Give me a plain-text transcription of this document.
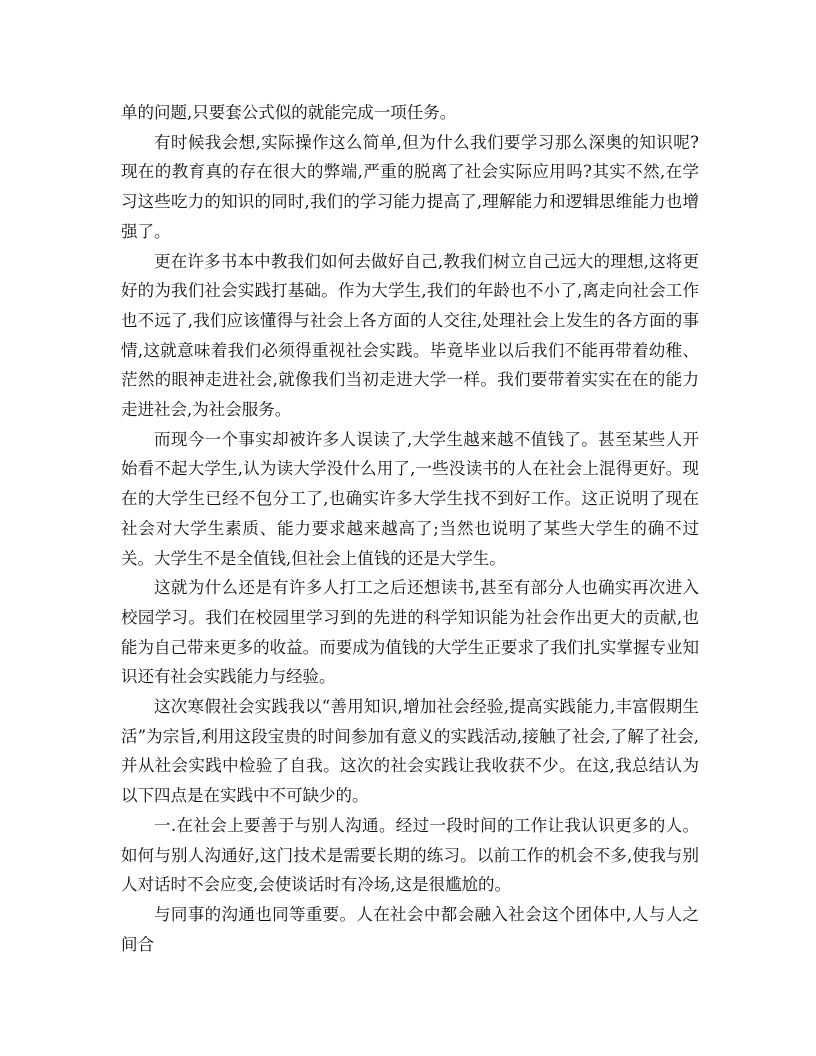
单的问题,只要套公式似的就能完成一项任务。

有时候我会想,实际操作这么简单,但为什么我们要学习那么深奥的知识呢?现在的教育真的存在很大的弊端,严重的脱离了社会实际应用吗?其实不然,在学习这些吃力的知识的同时,我们的学习能力提高了,理解能力和逻辑思维能力也增强了。

更在许多书本中教我们如何去做好自己,教我们树立自己远大的理想,这将更好的为我们社会实践打基础。作为大学生,我们的年龄也不小了,离走向社会工作也不远了,我们应该懂得与社会上各方面的人交往,处理社会上发生的各方面的事情,这就意味着我们必须得重视社会实践。毕竟毕业以后我们不能再带着幼稚、茫然的眼神走进社会,就像我们当初走进大学一样。我们要带着实实在在的能力走进社会,为社会服务。

而现今一个事实却被许多人误读了,大学生越来越不值钱了。甚至某些人开始看不起大学生,认为读大学没什么用了,一些没读书的人在社会上混得更好。现在的大学生已经不包分工了,也确实许多大学生找不到好工作。这正说明了现在社会对大学生素质、能力要求越来越高了;当然也说明了某些大学生的确不过关。大学生不是全值钱,但社会上值钱的还是大学生。

这就为什么还是有许多人打工之后还想读书,甚至有部分人也确实再次进入校园学习。我们在校园里学习到的先进的科学知识能为社会作出更大的贡献,也能为自己带来更多的收益。而要成为值钱的大学生正要求了我们扎实掌握专业知识还有社会实践能力与经验。

这次寒假社会实践我以“善用知识,增加社会经验,提高实践能力,丰富假期生活”为宗旨,利用这段宝贵的时间参加有意义的实践活动,接触了社会,了解了社会,并从社会实践中检验了自我。这次的社会实践让我收获不少。在这,我总结认为以下四点是在实践中不可缺少的。

一.在社会上要善于与别人沟通。经过一段时间的工作让我认识更多的人。如何与别人沟通好,这门技术是需要长期的练习。以前工作的机会不多,使我与别人对话时不会应变,会使谈话时有冷场,这是很尴尬的。

与同事的沟通也同等重要。人在社会中都会融入社会这个团体中,人与人之间合
